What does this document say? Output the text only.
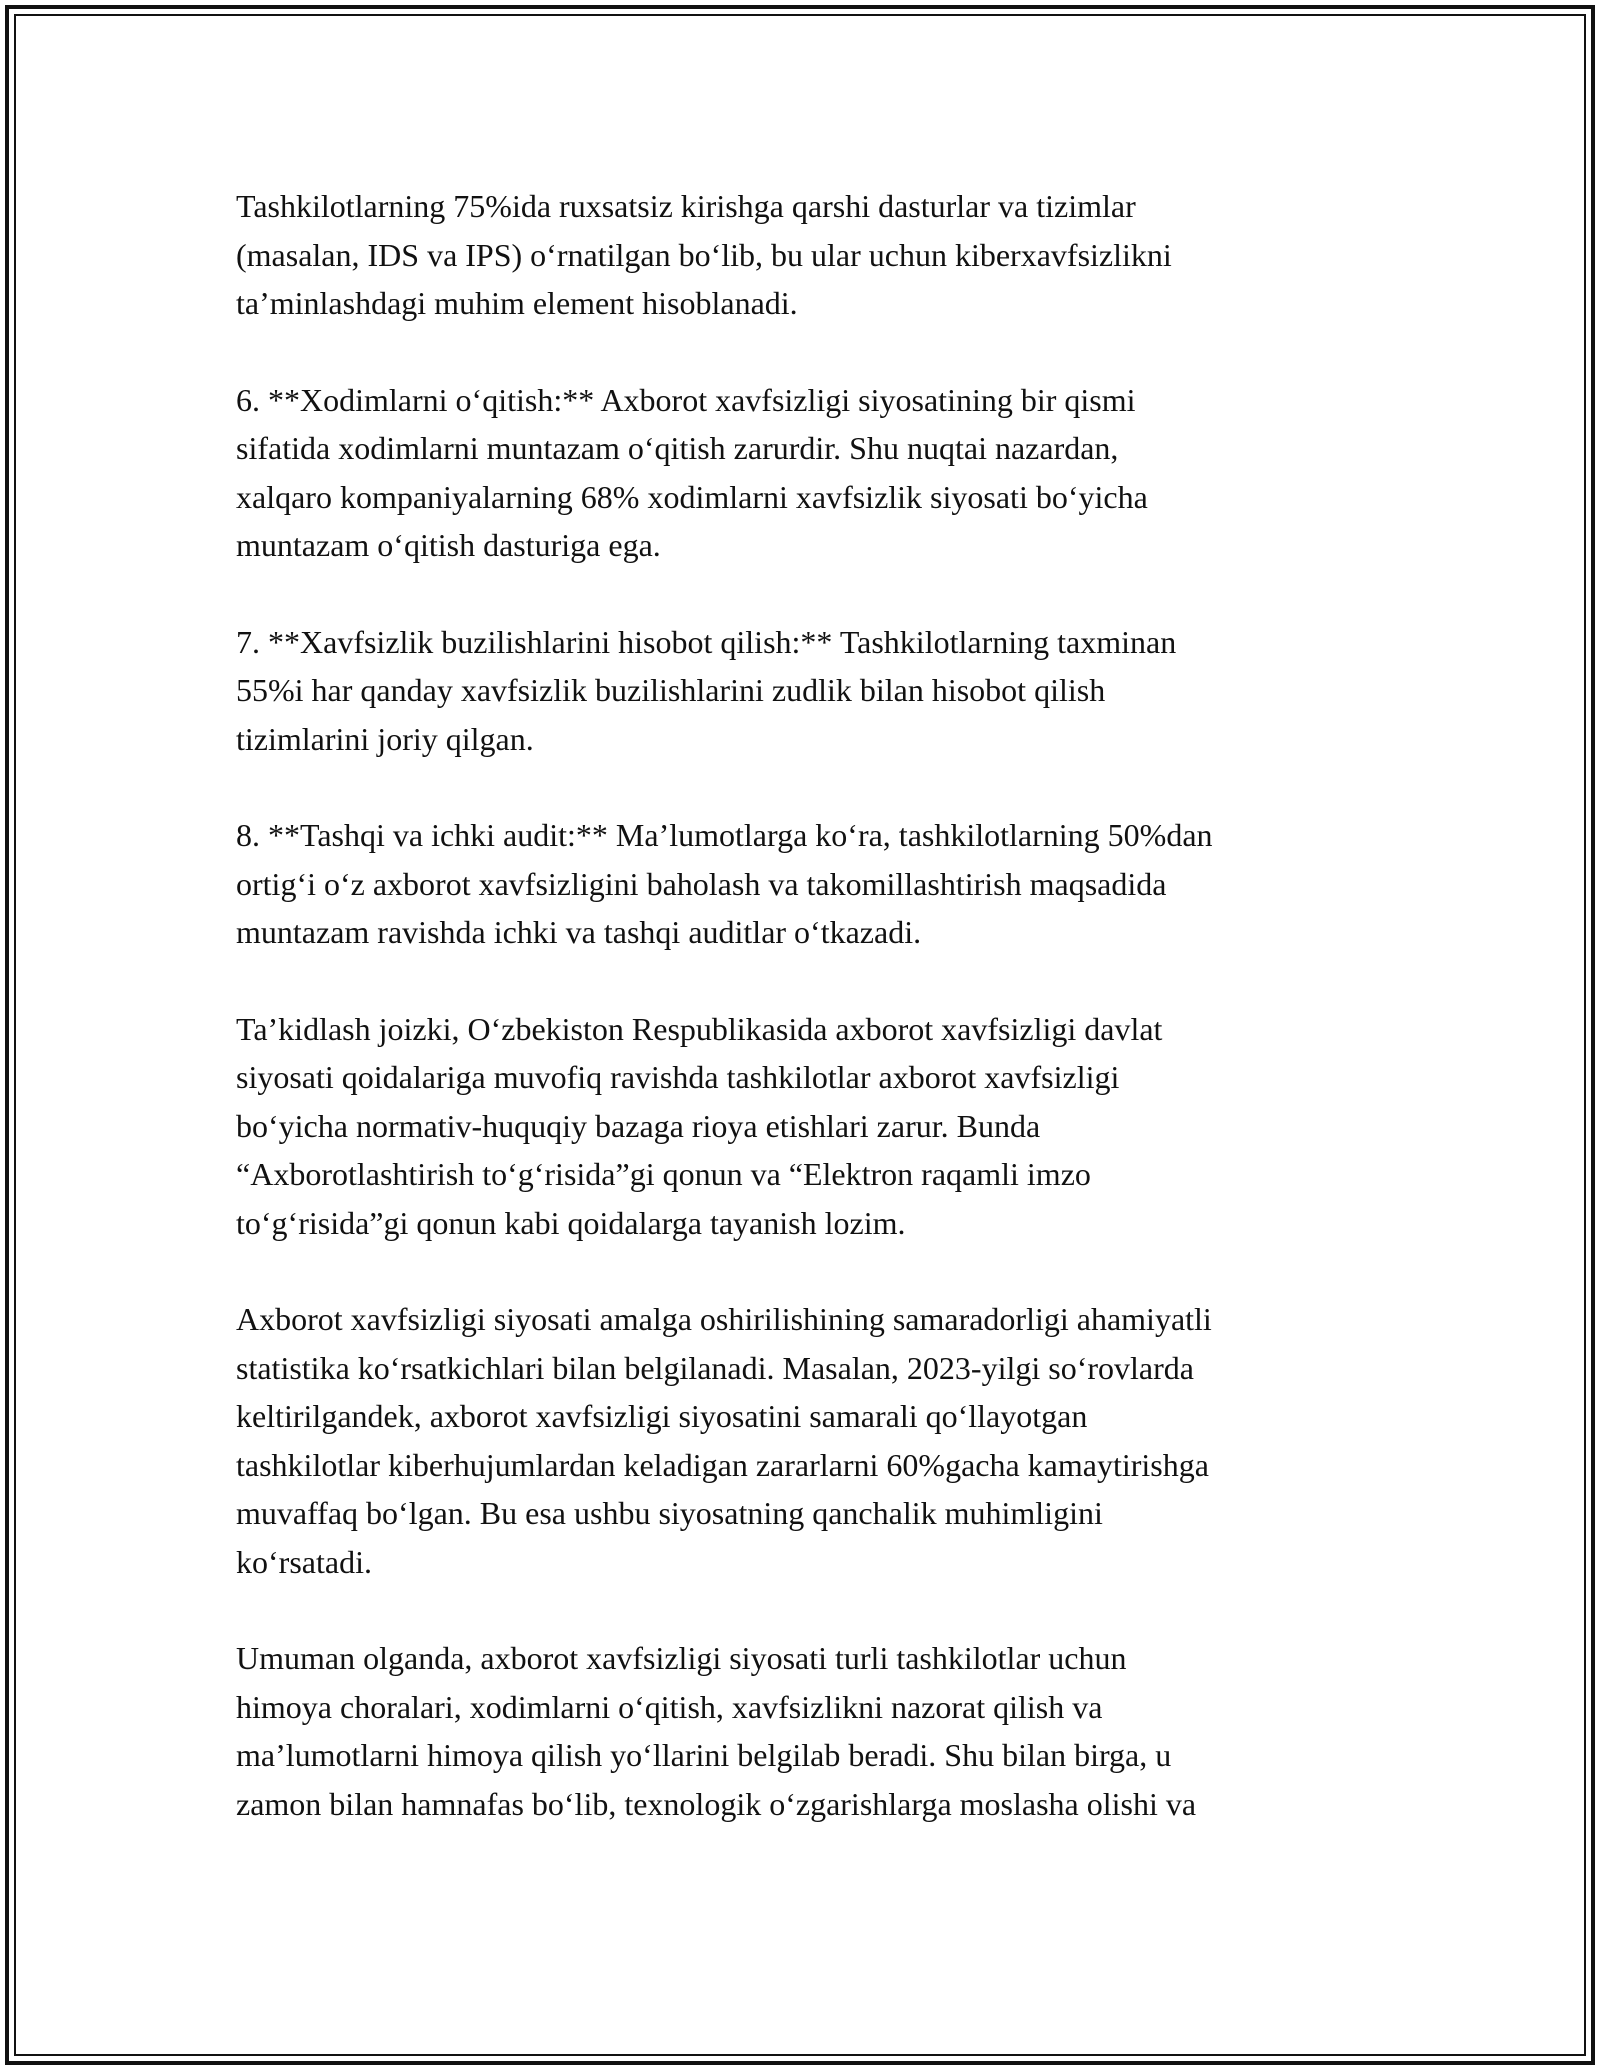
Tashkilotlarning 75%ida ruxsatsiz kirishga qarshi dasturlar va tizimlar
(masalan, IDS va IPS) o‘rnatilgan bo‘lib, bu ular uchun kiberxavfsizlikni
ta’minlashdagi muhim element hisoblanadi.

6. **Xodimlarni o‘qitish:** Axborot xavfsizligi siyosatining bir qismi
sifatida xodimlarni muntazam o‘qitish zarurdir. Shu nuqtai nazardan,
xalqaro kompaniyalarning 68% xodimlarni xavfsizlik siyosati bo‘yicha
muntazam o‘qitish dasturiga ega.

7. **Xavfsizlik buzilishlarini hisobot qilish:** Tashkilotlarning taxminan
55%i har qanday xavfsizlik buzilishlarini zudlik bilan hisobot qilish
tizimlarini joriy qilgan.

8. **Tashqi va ichki audit:** Ma’lumotlarga ko‘ra, tashkilotlarning 50%dan
ortig‘i o‘z axborot xavfsizligini baholash va takomillashtirish maqsadida
muntazam ravishda ichki va tashqi auditlar o‘tkazadi.

Ta’kidlash joizki, O‘zbekiston Respublikasida axborot xavfsizligi davlat
siyosati qoidalariga muvofiq ravishda tashkilotlar axborot xavfsizligi
bo‘yicha normativ-huquqiy bazaga rioya etishlari zarur. Bunda
“Axborotlashtirish to‘g‘risida”gi qonun va “Elektron raqamli imzo
to‘g‘risida”gi qonun kabi qoidalarga tayanish lozim.

Axborot xavfsizligi siyosati amalga oshirilishining samaradorligi ahamiyatli
statistika ko‘rsatkichlari bilan belgilanadi. Masalan, 2023-yilgi so‘rovlarda
keltirilgandek, axborot xavfsizligi siyosatini samarali qo‘llayotgan
tashkilotlar kiberhujumlardan keladigan zararlarni 60%gacha kamaytirishga
muvaffaq bo‘lgan. Bu esa ushbu siyosatning qanchalik muhimligini
ko‘rsatadi.

Umuman olganda, axborot xavfsizligi siyosati turli tashkilotlar uchun
himoya choralari, xodimlarni o‘qitish, xavfsizlikni nazorat qilish va
ma’lumotlarni himoya qilish yo‘llarini belgilab beradi. Shu bilan birga, u
zamon bilan hamnafas bo‘lib, texnologik o‘zgarishlarga moslasha olishi va
